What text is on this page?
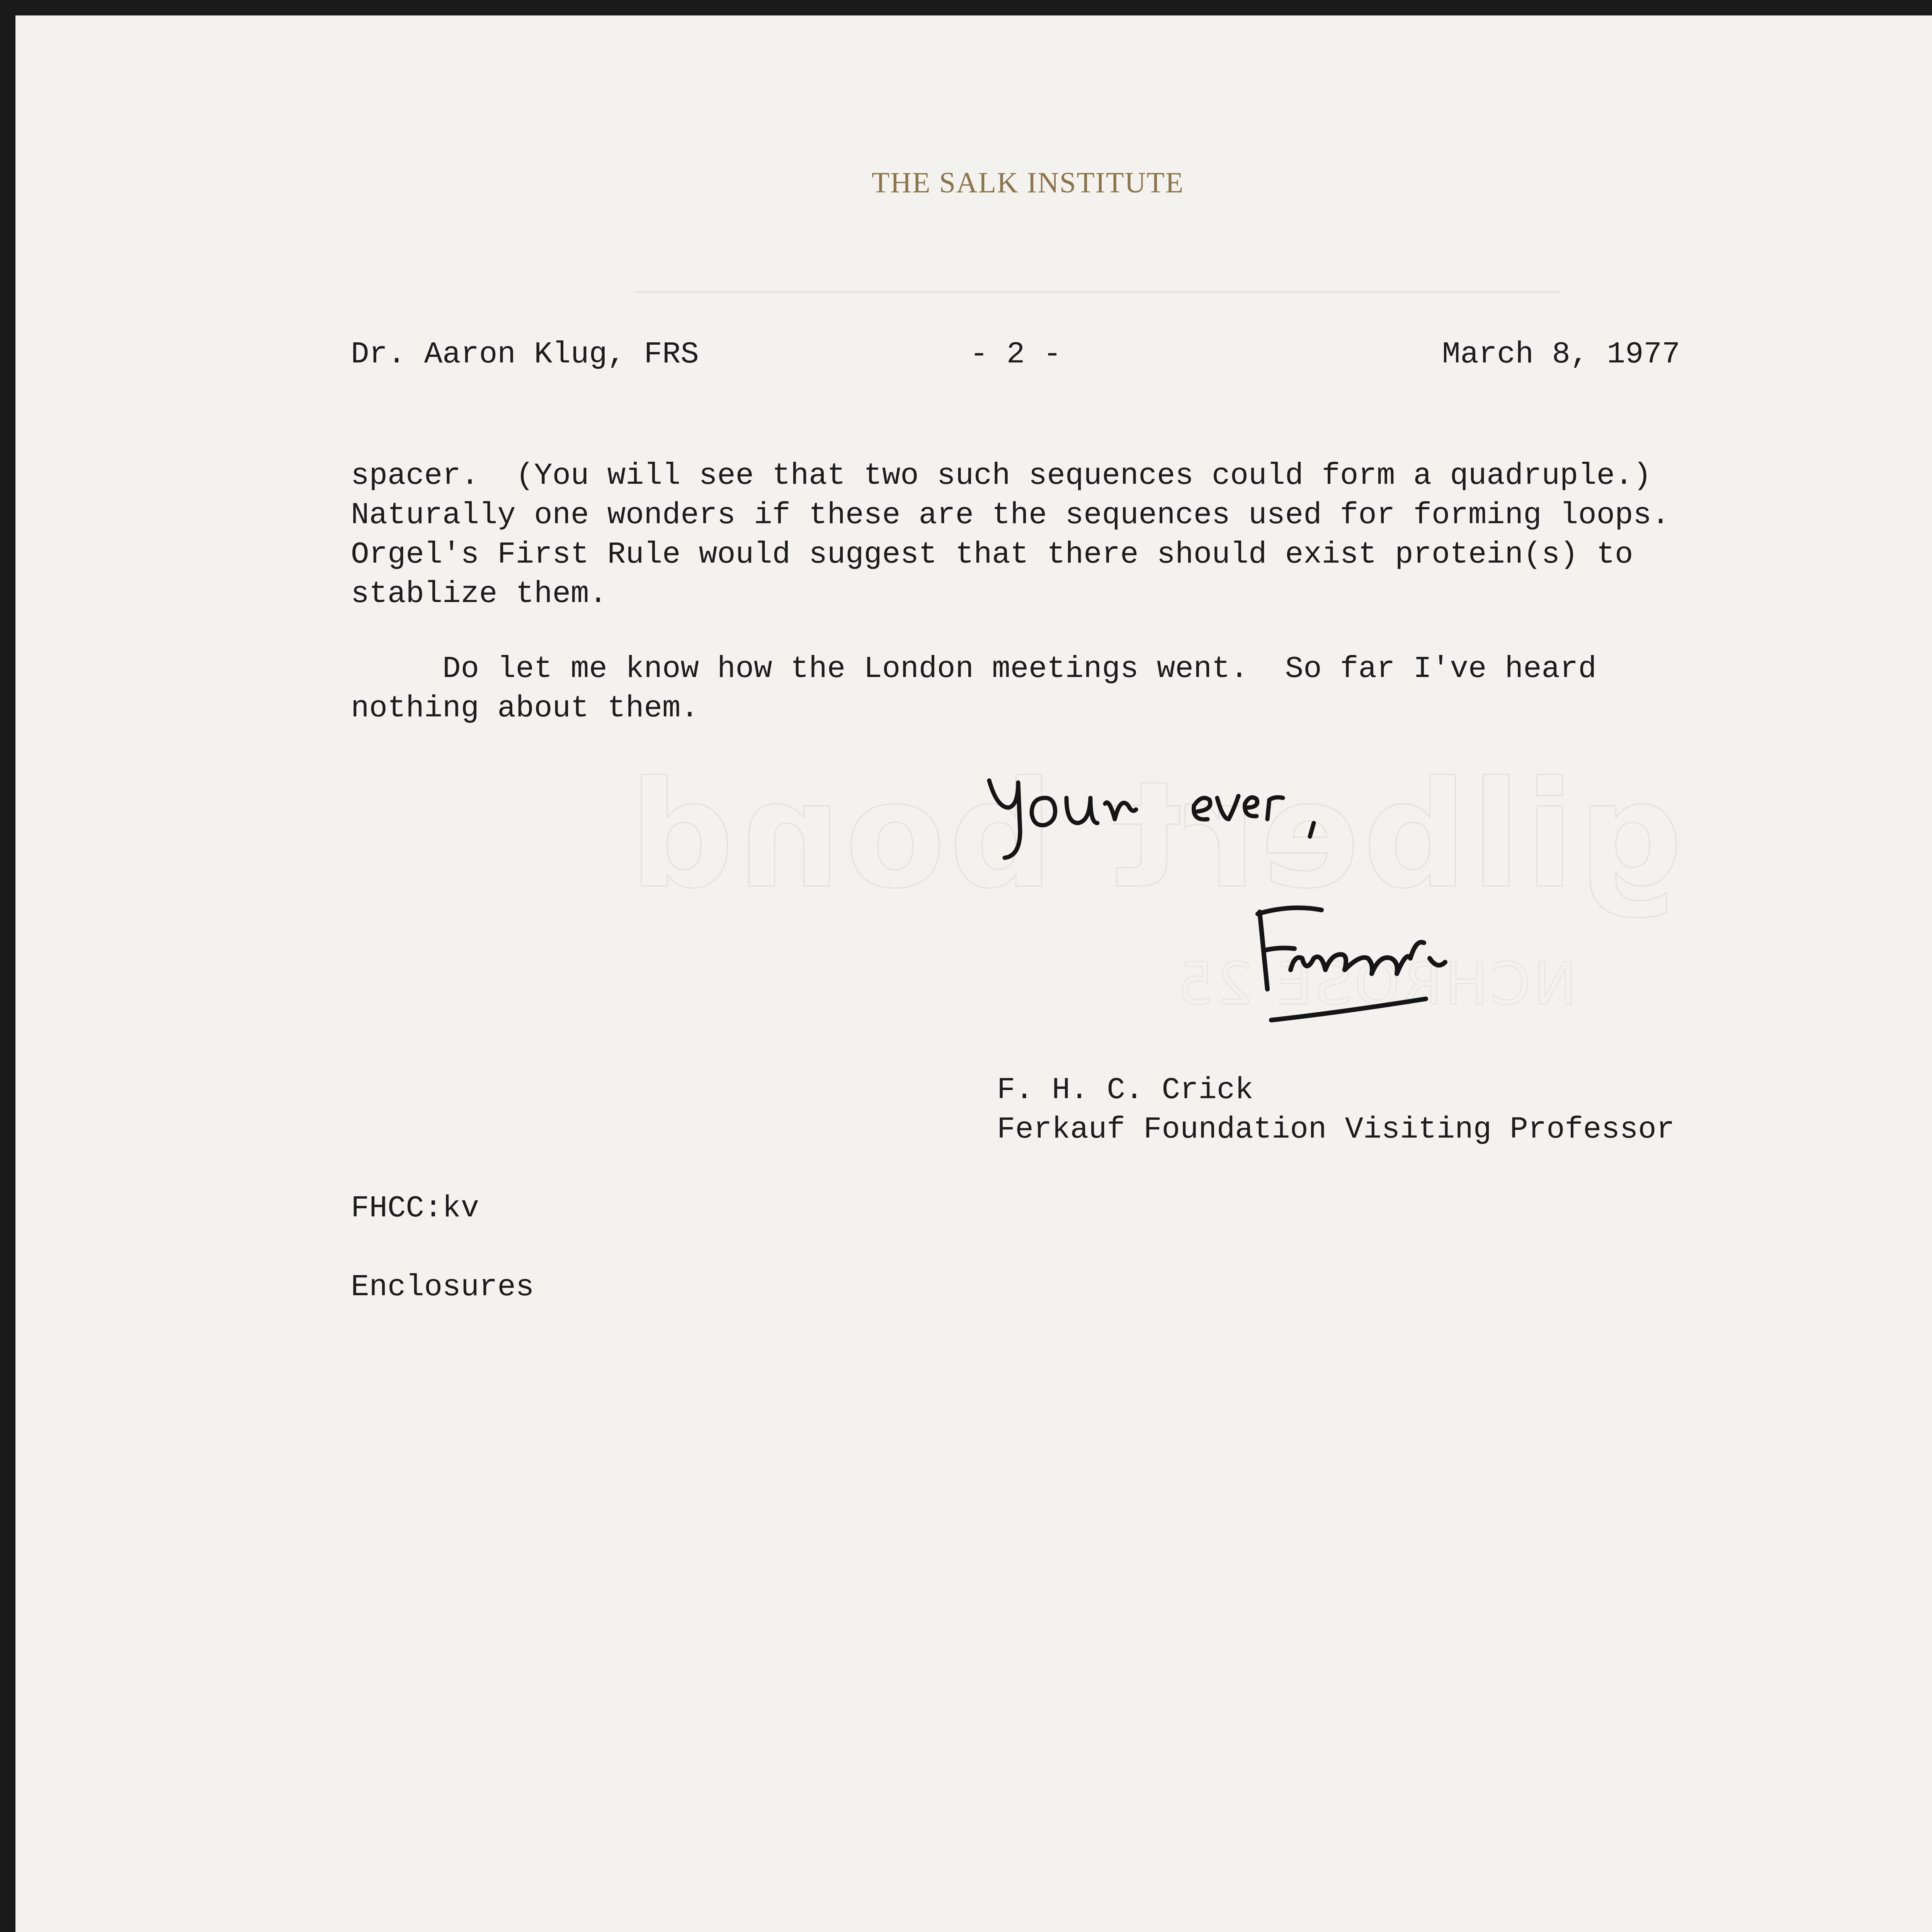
gilbert bond
NCHROSE 25
THE SALK INSTITUTE
Dr. Aaron Klug, FRS	- 2 -	March 8, 1977
spacer.  (You will see that two such sequences could form a quadruple.)
Naturally one wonders if these are the sequences used for forming loops.
Orgel's First Rule would suggest that there should exist protein(s) to
stablize them.
Do let me know how the London meetings went.  So far I've heard
nothing about them.
F. H. C. Crick
Ferkauf Foundation Visiting Professor
FHCC:kv
Enclosures
